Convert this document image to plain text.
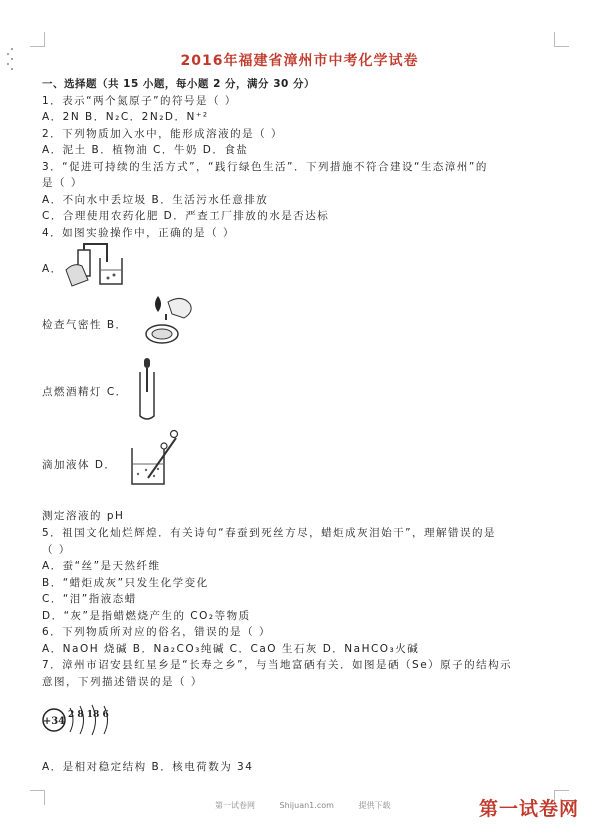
2016年福建省漳州市中考化学试卷
一、选择题（共 15 小题，每小题 2 分，满分 30 分）
1．表示“两个氮原子”的符号是（ ）
A．2N B．N₂C．2N₂D．N⁺²
2．下列物质加入水中，能形成溶液的是（ ）
A．泥土 B．植物油 C．牛奶 D．食盐
3．“促进可持续的生活方式”，“践行绿色生活”．下列措施不符合建设“生态漳州”的
是（ ）
A．不向水中丢垃圾 B．生活污水任意排放
C．合理使用农药化肥 D．严查工厂排放的水是否达标
4．如图实验操作中，正确的是（ ）
A．
检查气密性 B．
点燃酒精灯 C．
滴加液体 D．
测定溶液的 pH
5．祖国文化灿烂辉煌．有关诗句“春蚕到死丝方尽，蜡炬成灰泪始干”，理解错误的是
（ ）
A．蚕“丝”是天然纤维
B．“蜡炬成灰”只发生化学变化
C．“泪”指液态蜡
D．“灰”是指蜡燃烧产生的 CO₂等物质
6．下列物质所对应的俗名，错误的是（ ）
A．NaOH 烧碱 B．Na₂CO₃纯碱 C．CaO 生石灰 D．NaHCO₃火碱
7．漳州市诏安县红星乡是“长寿之乡”，与当地富硒有关．如图是硒（Se）原子的结构示
意图，下列描述错误的是（ ）
+34
2 8 18 6
A．是相对稳定结构 B．核电荷数为 34
第一试卷网	Shijuan1.com	提供下载	第一试卷网
